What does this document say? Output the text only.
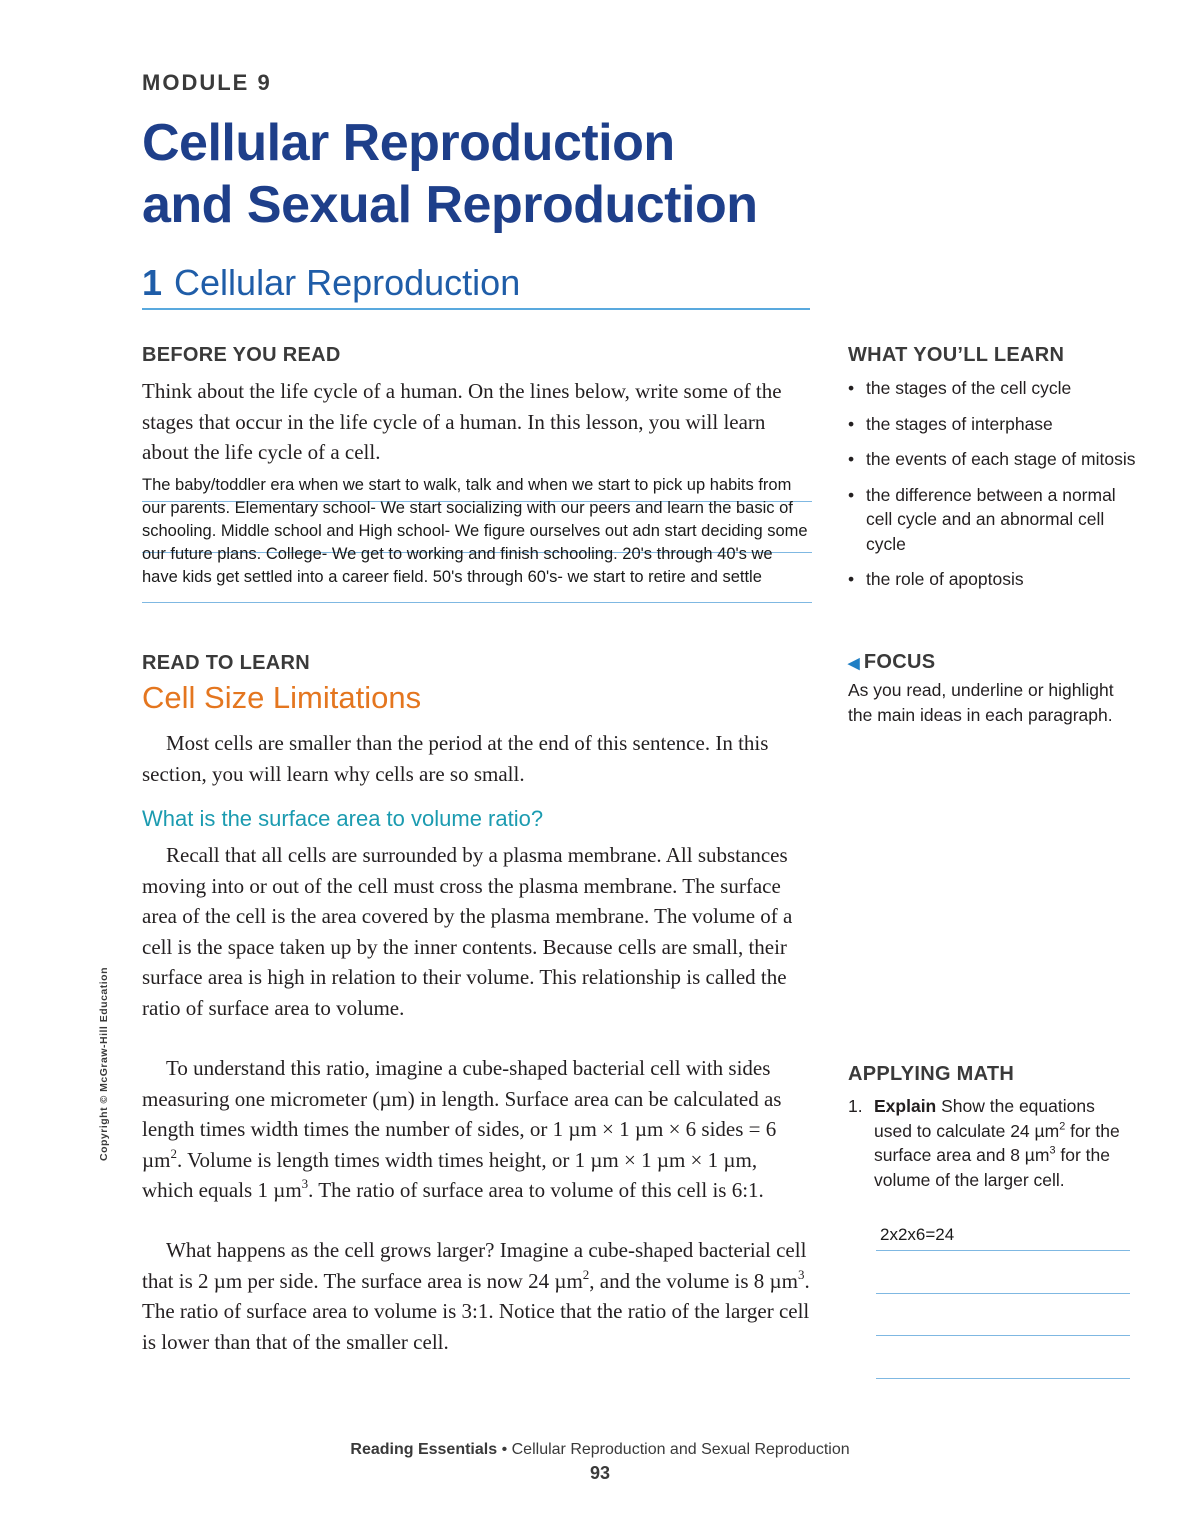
MODULE 9
Cellular Reproduction
and Sexual Reproduction
1 Cellular Reproduction
BEFORE YOU READ
Think about the life cycle of a human. On the lines below, write some of the stages that occur in the life cycle of a human. In this lesson, you will learn about the life cycle of a cell.
The baby/toddler era when we start to walk, talk and when we start to pick up habits from our parents. Elementary school- We start socializing with our peers and learn the basic of schooling. Middle school and High school- We figure ourselves out adn start deciding some our future plans. College- We get to working and finish schooling. 20's through 40's we have kids get settled into a career field. 50's through 60's- we start to retire and settle
WHAT YOU’LL LEARN
• the stages of the cell cycle
• the stages of interphase
• the events of each stage of mitosis
• the difference between a normal cell cycle and an abnormal cell cycle
• the role of apoptosis
READ TO LEARN
Cell Size Limitations
Most cells are smaller than the period at the end of this sentence. In this section, you will learn why cells are so small.
What is the surface area to volume ratio?
Recall that all cells are surrounded by a plasma membrane. All substances moving into or out of the cell must cross the plasma membrane. The surface area of the cell is the area covered by the plasma membrane. The volume of a cell is the space taken up by the inner contents. Because cells are small, their surface area is high in relation to their volume. This relationship is called the ratio of surface area to volume.
To understand this ratio, imagine a cube-shaped bacterial cell with sides measuring one micrometer (µm) in length. Surface area can be calculated as length times width times the number of sides, or 1 µm × 1 µm × 6 sides = 6 µm$^2$. Volume is length times width times height, or 1 µm × 1 µm × 1 µm, which equals 1 µm$^3$. The ratio of surface area to volume of this cell is 6:1.
What happens as the cell grows larger? Imagine a cube-shaped bacterial cell that is 2 µm per side. The surface area is now 24 µm$^2$, and the volume is 8 µm$^3$. The ratio of surface area to volume is 3:1. Notice that the ratio of the larger cell is lower than that of the smaller cell.
◀ FOCUS
As you read, underline or highlight the main ideas in each paragraph.
APPLYING MATH
1. Explain Show the equations used to calculate 24 µm$^2$ for the surface area and 8 µm$^3$ for the volume of the larger cell.
2x2x6=24
Copyright © McGraw-Hill Education
Reading Essentials • Cellular Reproduction and Sexual Reproduction
93
